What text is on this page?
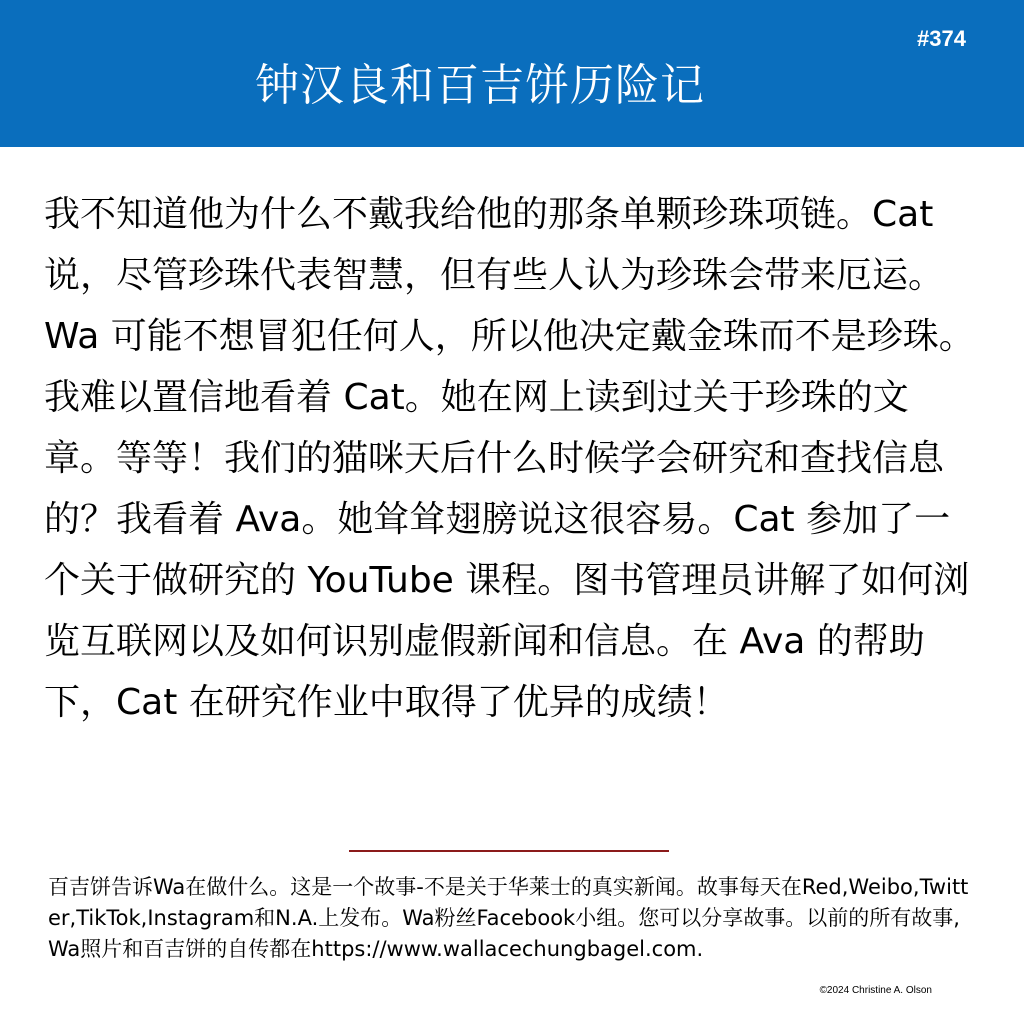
#374
钟汉良和百吉饼历险记

我不知道他为什么不戴我给他的那条单颗珍珠项链。Cat 说，尽管珍珠代表智慧，但有些人认为珍珠会带来厄运。Wa 可能不想冒犯任何人，所以他决定戴金珠而不是珍珠。我难以置信地看着 Cat。她在网上读到过关于珍珠的文章。等等！我们的猫咪天后什么时候学会研究和查找信息的？我看着 Ava。她耸耸翅膀说这很容易。Cat 参加了一个关于做研究的 YouTube 课程。图书管理员讲解了如何浏览互联网以及如何识别虚假新闻和信息。在 Ava 的帮助下，Cat 在研究作业中取得了优异的成绩！

百吉饼告诉Wa在做什么。这是一个故事-不是关于华莱士的真实新闻。故事每天在Red,Weibo,Twitter,TikTok,Instagram和N.A.上发布。Wa粉丝Facebook小组。您可以分享故事。以前的所有故事,Wa照片和百吉饼的自传都在https://www.wallacechungbagel.com.

©2024 Christine A. Olson
